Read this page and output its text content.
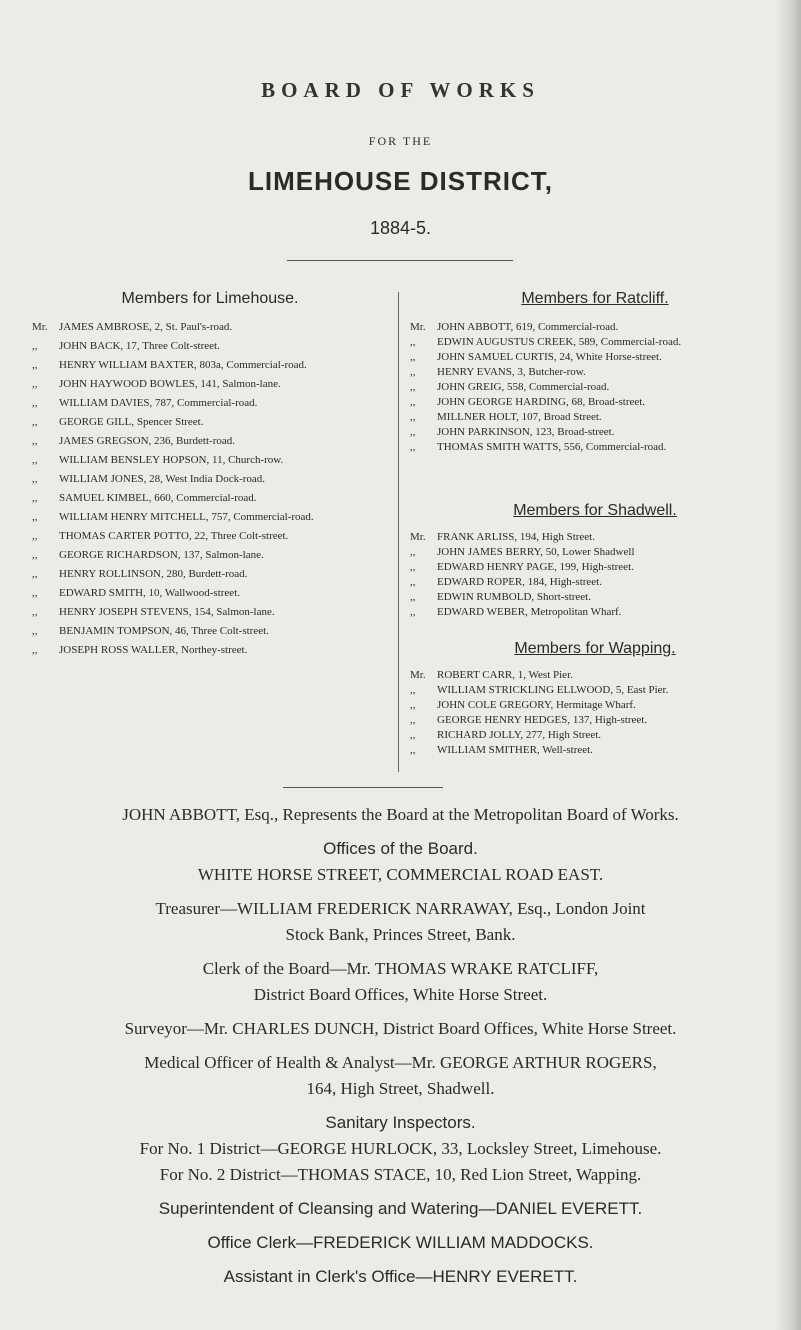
BOARD OF WORKS
FOR THE
LIMEHOUSE DISTRICT,
1884-5.
Members for Limehouse.	Members for Ratcliff.
Mr.	JAMES AMBROSE, 2, St. Paul's-road.
,,	JOHN BACK, 17, Three Colt-street.
,,	HENRY WILLIAM BAXTER, 803a, Commercial-road.
,,	JOHN HAYWOOD BOWLES, 141, Salmon-lane.
,,	WILLIAM DAVIES, 787, Commercial-road.
,,	GEORGE GILL, Spencer Street.
,,	JAMES GREGSON, 236, Burdett-road.
,,	WILLIAM BENSLEY HOPSON, 11, Church-row.
,,	WILLIAM JONES, 28, West India Dock-road.
,,	SAMUEL KIMBEL, 660, Commercial-road.
,,	WILLIAM HENRY MITCHELL, 757, Commercial-road.
,,	THOMAS CARTER POTTO, 22, Three Colt-street.
,,	GEORGE RICHARDSON, 137, Salmon-lane.
,,	HENRY ROLLINSON, 280, Burdett-road.
,,	EDWARD SMITH, 10, Wallwood-street.
,,	HENRY JOSEPH STEVENS, 154, Salmon-lane.
,,	BENJAMIN TOMPSON, 46, Three Colt-street.
,,	JOSEPH ROSS WALLER, Northey-street.
Mr.	JOHN ABBOTT, 619, Commercial-road.
,,	EDWIN AUGUSTUS CREEK, 589, Commercial-road.
,,	JOHN SAMUEL CURTIS, 24, White Horse-street.
,,	HENRY EVANS, 3, Butcher-row.
,,	JOHN GREIG, 558, Commercial-road.
,,	JOHN GEORGE HARDING, 68, Broad-street.
,,	MILLNER HOLT, 107, Broad Street.
,,	JOHN PARKINSON, 123, Broad-street.
,,	THOMAS SMITH WATTS, 556, Commercial-road.
Members for Shadwell.
Mr.	FRANK ARLISS, 194, High Street.
,,	JOHN JAMES BERRY, 50, Lower Shadwell
,,	EDWARD HENRY PAGE, 199, High-street.
,,	EDWARD ROPER, 184, High-street.
,,	EDWIN RUMBOLD, Short-street.
,,	EDWARD WEBER, Metropolitan Wharf.
Members for Wapping.
Mr.	ROBERT CARR, 1, West Pier.
,,	WILLIAM STRICKLING ELLWOOD, 5, East Pier.
,,	JOHN COLE GREGORY, Hermitage Wharf.
,,	GEORGE HENRY HEDGES, 137, High-street.
,,	RICHARD JOLLY, 277, High Street.
,,	WILLIAM SMITHER, Well-street.
JOHN ABBOTT, Esq., Represents the Board at the Metropolitan Board of Works.
Offices of the Board.
WHITE HORSE STREET, COMMERCIAL ROAD EAST.
Treasurer—WILLIAM FREDERICK NARRAWAY, Esq., London Joint
Stock Bank, Princes Street, Bank.
Clerk of the Board—Mr. THOMAS WRAKE RATCLIFF,
District Board Offices, White Horse Street.
Surveyor—Mr. CHARLES DUNCH, District Board Offices, White Horse Street.
Medical Officer of Health & Analyst—Mr. GEORGE ARTHUR ROGERS,
164, High Street, Shadwell.
Sanitary Inspectors.
For No. 1 District—GEORGE HURLOCK, 33, Locksley Street, Limehouse.
For No. 2 District—THOMAS STACE, 10, Red Lion Street, Wapping.
Superintendent of Cleansing and Watering—DANIEL EVERETT.
Office Clerk—FREDERICK WILLIAM MADDOCKS.
Assistant in Clerk's Office—HENRY EVERETT.
